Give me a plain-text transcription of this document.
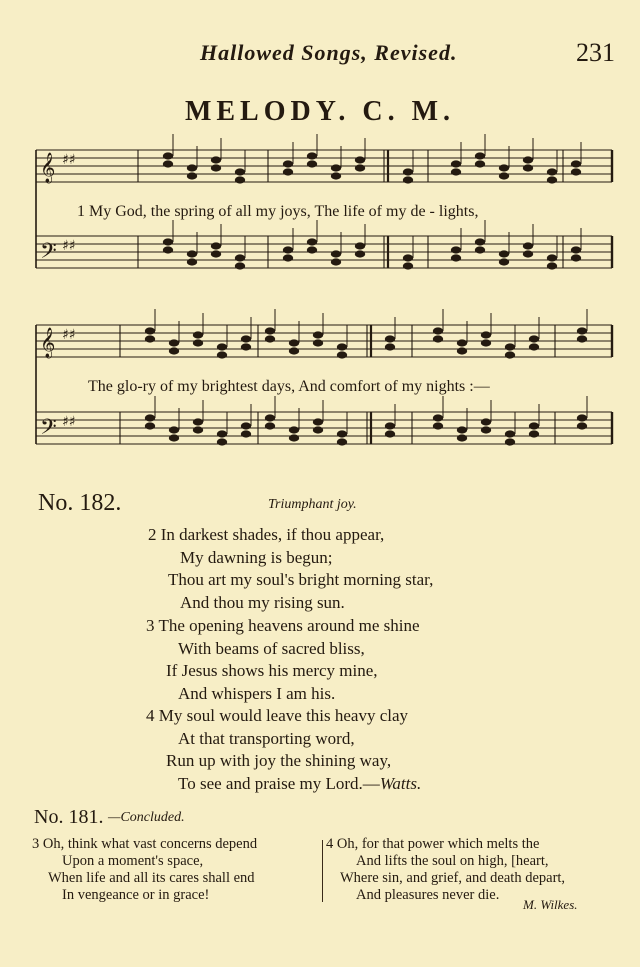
Hallowed Songs, Revised.	231
MELODY. C. M.
𝄞 ♯♯
𝄢 ♯♯
𝄞 ♯♯
𝄢 ♯♯
1 My God, the spring of all my joys, The life of my de - lights,
The glo-ry of my brightest days, And comfort of my nights :—
No. 182.	Triumphant joy.
2 In darkest shades, if thou appear,
My dawning is begun;
Thou art my soul's bright morning star,
And thou my rising sun.
3 The opening heavens around me shine
With beams of sacred bliss,
If Jesus shows his mercy mine,
And whispers I am his.
4 My soul would leave this heavy clay
At that transporting word,
Run up with joy the shining way,
To see and praise my Lord.—Watts.
No. 181. —Concluded.
3 Oh, think what vast concerns depend
Upon a moment's space,
When life and all its cares shall end
In vengeance or in grace!
4 Oh, for that power which melts the
And lifts the soul on high, [heart,
Where sin, and grief, and death depart,
And pleasures never die.
M. Wilkes.
